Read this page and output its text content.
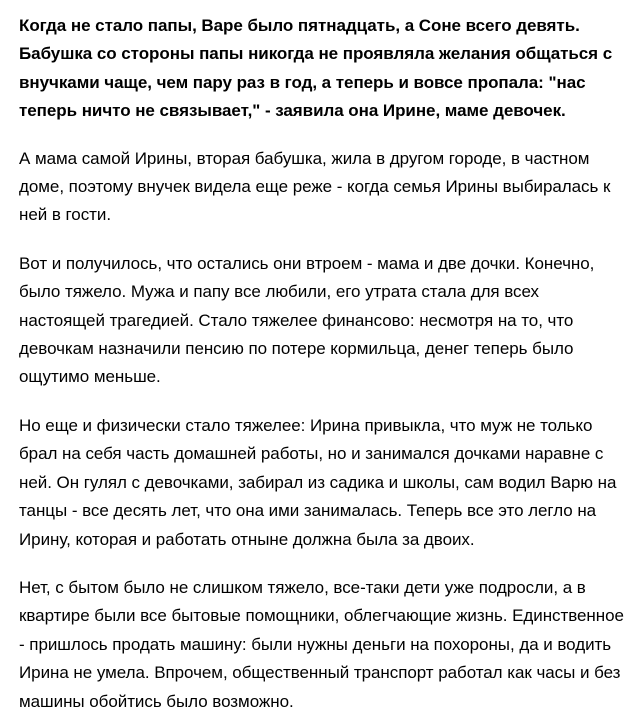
Когда не стало папы, Варе было пятнадцать, а Соне всего девять. Бабушка со стороны папы никогда не проявляла желания общаться с внучками чаще, чем пару раз в год, а теперь и вовсе пропала: "нас теперь ничто не связывает," - заявила она Ирине, маме девочек.

А мама самой Ирины, вторая бабушка, жила в другом городе, в частном доме, поэтому внучек видела еще реже - когда семья Ирины выбиралась к ней в гости.

Вот и получилось, что остались они втроем - мама и две дочки. Конечно, было тяжело. Мужа и папу все любили, его утрата стала для всех настоящей трагедией. Стало тяжелее финансово: несмотря на то, что девочкам назначили пенсию по потере кормильца, денег теперь было ощутимо меньше.

Но еще и физически стало тяжелее: Ирина привыкла, что муж не только брал на себя часть домашней работы, но и занимался дочками наравне с ней. Он гулял с девочками, забирал из садика и школы, сам водил Варю на танцы - все десять лет, что она ими занималась. Теперь все это легло на Ирину, которая и работать отныне должна была за двоих.

Нет, с бытом было не слишком тяжело, все-таки дети уже подросли, а в квартире были все бытовые помощники, облегчающие жизнь. Единственное - пришлось продать машину: были нужны деньги на похороны, да и водить Ирина не умела. Впрочем, общественный транспорт работал как часы и без машины обойтись было возможно.
